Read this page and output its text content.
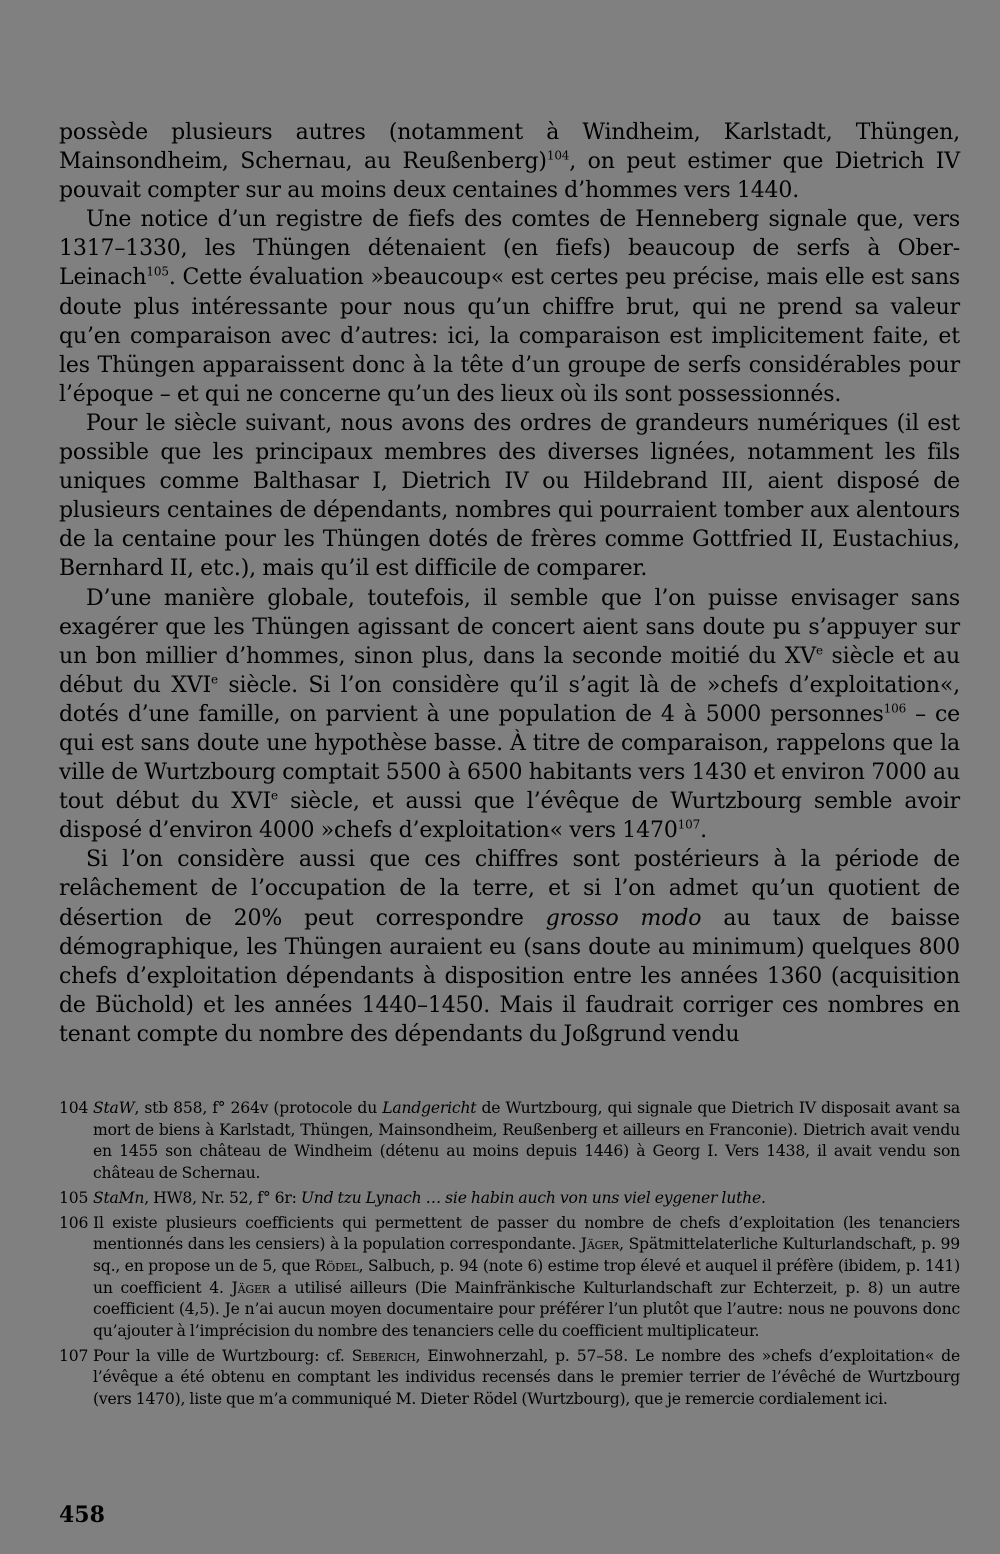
possède plusieurs autres (notamment à Windheim, Karlstadt, Thüngen, Mainsondheim, Schernau, au Reußenberg)$^{104}$, on peut estimer que Dietrich IV pouvait compter sur au moins deux centaines d’hommes vers 1440.

Une notice d’un registre de fiefs des comtes de Henneberg signale que, vers 1317–1330, les Thüngen détenaient (en fiefs) beaucoup de serfs à Ober-Leinach$^{105}$. Cette évaluation »beaucoup« est certes peu précise, mais elle est sans doute plus intéressante pour nous qu’un chiffre brut, qui ne prend sa valeur qu’en comparaison avec d’autres: ici, la comparaison est implicitement faite, et les Thüngen apparaissent donc à la tête d’un groupe de serfs considérables pour l’époque – et qui ne concerne qu’un des lieux où ils sont possessionnés.

Pour le siècle suivant, nous avons des ordres de grandeurs numériques (il est possible que les principaux membres des diverses lignées, notamment les fils uniques comme Balthasar I, Dietrich IV ou Hildebrand III, aient disposé de plusieurs centaines de dépendants, nombres qui pourraient tomber aux alentours de la centaine pour les Thüngen dotés de frères comme Gottfried II, Eustachius, Bernhard II, etc.), mais qu’il est difficile de comparer.

D’une manière globale, toutefois, il semble que l’on puisse envisager sans exagérer que les Thüngen agissant de concert aient sans doute pu s’appuyer sur un bon millier d’hommes, sinon plus, dans la seconde moitié du XVe siècle et au début du XVIe siècle. Si l’on considère qu’il s’agit là de »chefs d’exploitation«, dotés d’une famille, on parvient à une population de 4 à 5000 personnes$^{106}$ – ce qui est sans doute une hypothèse basse. À titre de comparaison, rappelons que la ville de Wurtzbourg comptait 5500 à 6500 habitants vers 1430 et environ 7000 au tout début du XVIe siècle, et aussi que l’évêque de Wurtzbourg semble avoir disposé d’environ 4000 »chefs d’exploitation« vers 1470$^{107}$.

Si l’on considère aussi que ces chiffres sont postérieurs à la période de relâchement de l’occupation de la terre, et si l’on admet qu’un quotient de désertion de 20% peut correspondre grosso modo au taux de baisse démographique, les Thüngen auraient eu (sans doute au minimum) quelques 800 chefs d’exploitation dépendants à disposition entre les années 1360 (acquisition de Büchold) et les années 1440–1450. Mais il faudrait corriger ces nombres en tenant compte du nombre des dépendants du Joßgrund vendu

104 StaW, stb 858, f° 264v (protocole du Landgericht de Wurtzbourg, qui signale que Dietrich IV disposait avant sa mort de biens à Karlstadt, Thüngen, Mainsondheim, Reußenberg et ailleurs en Franconie). Dietrich avait vendu en 1455 son château de Windheim (détenu au moins depuis 1446) à Georg I. Vers 1438, il avait vendu son château de Schernau.
105 StaMn, HW8, Nr. 52, f° 6r: Und tzu Lynach … sie habin auch von uns viel eygener luthe.
106 Il existe plusieurs coefficients qui permettent de passer du nombre de chefs d’exploitation (les tenanciers mentionnés dans les censiers) à la population correspondante. Jäger, Spätmittelaterliche Kulturlandschaft, p. 99 sq., en propose un de 5, que Rödel, Salbuch, p. 94 (note 6) estime trop élevé et auquel il préfère (ibidem, p. 141) un coefficient 4. Jäger a utilisé ailleurs (Die Mainfränkische Kulturlandschaft zur Echterzeit, p. 8) un autre coefficient (4,5). Je n’ai aucun moyen documentaire pour préférer l’un plutôt que l’autre: nous ne pouvons donc qu’ajouter à l’imprécision du nombre des tenanciers celle du coefficient multiplicateur.
107 Pour la ville de Wurtzbourg: cf. Seberich, Einwohnerzahl, p. 57–58. Le nombre des »chefs d’exploitation« de l’évêque a été obtenu en comptant les individus recensés dans le premier terrier de l’évêché de Wurtzbourg (vers 1470), liste que m’a communiqué M. Dieter Rödel (Wurtzbourg), que je remercie cordialement ici.
458
